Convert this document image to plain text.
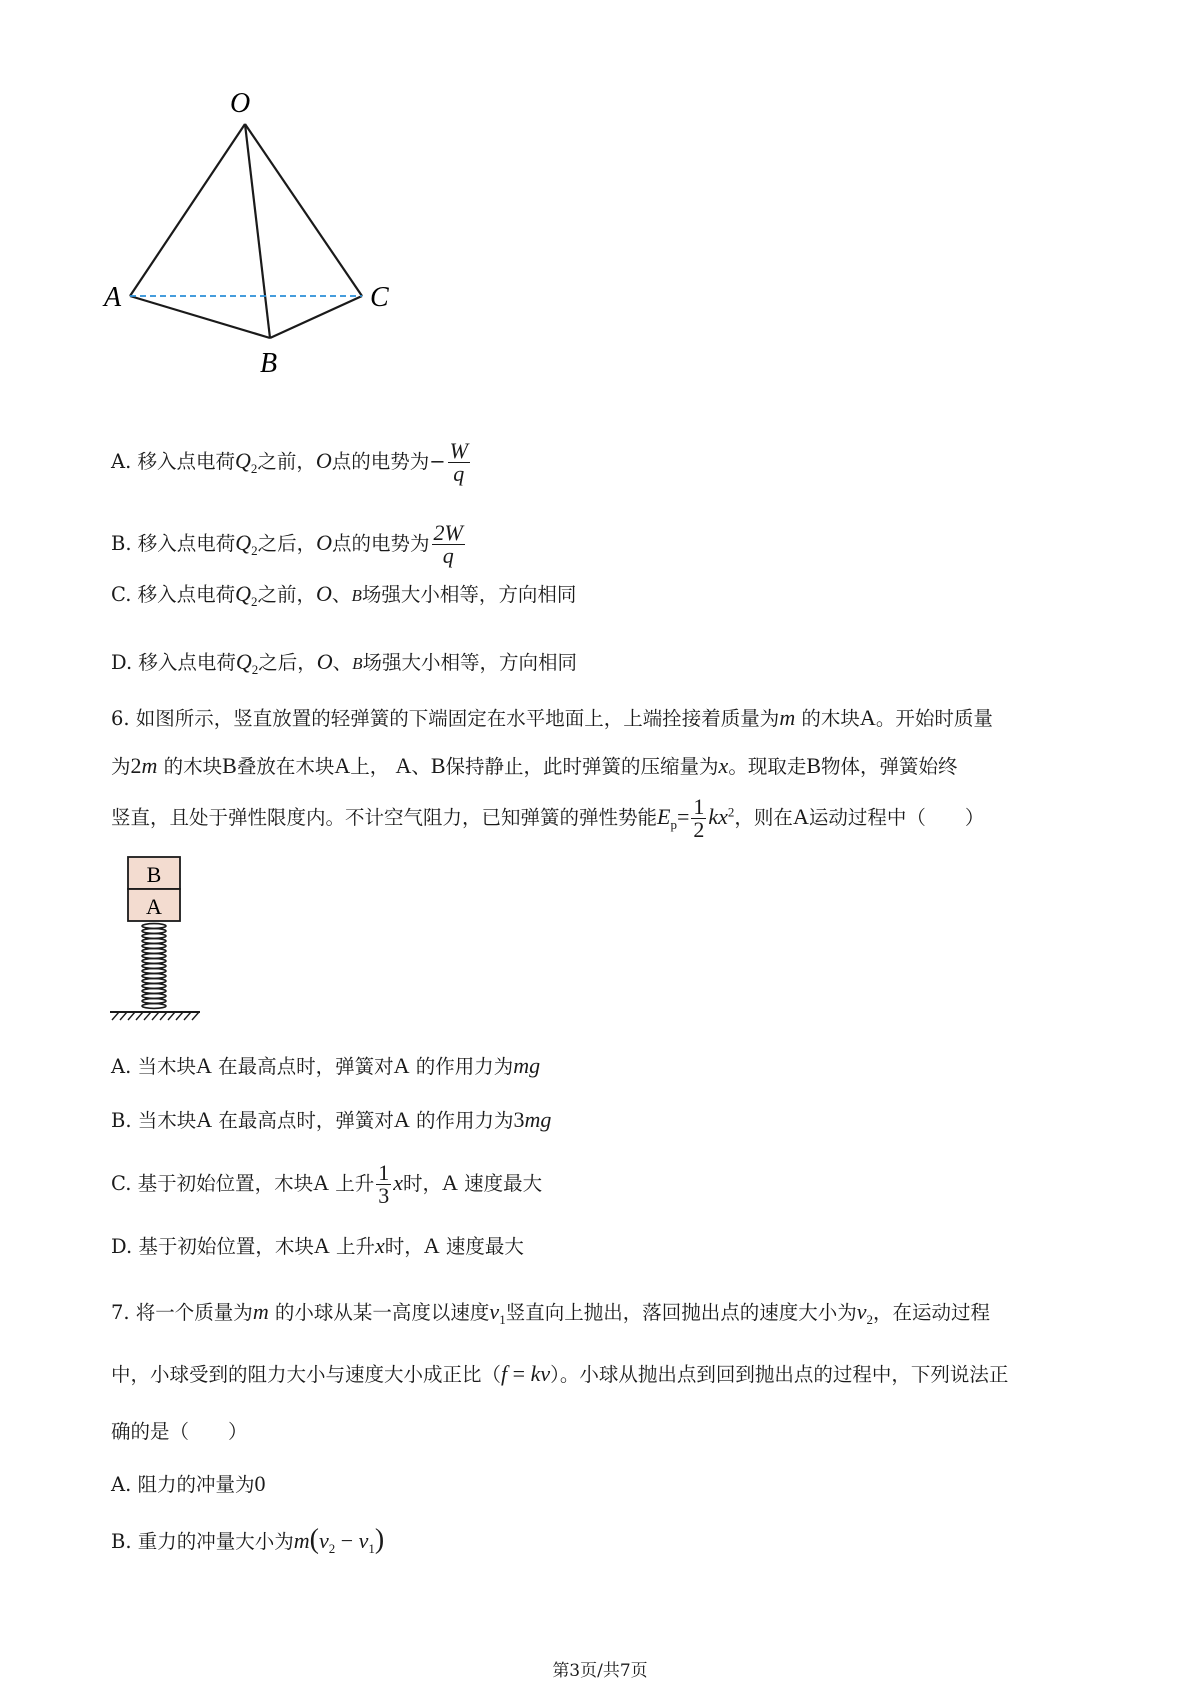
O
A	C
B
A. 移入点电荷$Q_2$之前，O点的电势为− $\frac{W}{q}$
B. 移入点电荷$Q_2$之后，O点的电势为 $\frac{2W}{q}$
C. 移入点电荷$Q_2$之前，O、B场强大小相等，方向相同
D. 移入点电荷$Q_2$之后，O、B场强大小相等，方向相同
6. 如图所示，竖直放置的轻弹簧的下端固定在水平地面上，上端拴接着质量为m 的木块A。开始时质量
为2m 的木块B叠放在木块A上， A、B保持静止，此时弹簧的压缩量为x。现取走B物体，弹簧始终
竖直，且处于弹性限度内。不计空气阻力，已知弹簧的弹性势能$E_p= \frac{1}{2} kx^2$，则在A运动过程中（　　）
B
A
A. 当木块A 在最高点时，弹簧对A 的作用力为mg
B. 当木块A 在最高点时，弹簧对A 的作用力为3mg
C. 基于初始位置，木块A 上升 $\frac{1}{3}$ x时，A 速度最大
D. 基于初始位置，木块A 上升x时，A 速度最大
7. 将一个质量为m 的小球从某一高度以速度$v_1$竖直向上抛出，落回抛出点的速度大小为$v_2$，在运动过程
中，小球受到的阻力大小与速度大小成正比（f = kv）。小球从抛出点到回到抛出点的过程中，下列说法正
确的是（　　）
A. 阻力的冲量为0
B. 重力的冲量大小为$m(v_2 - v_1)$
第3页/共7页
